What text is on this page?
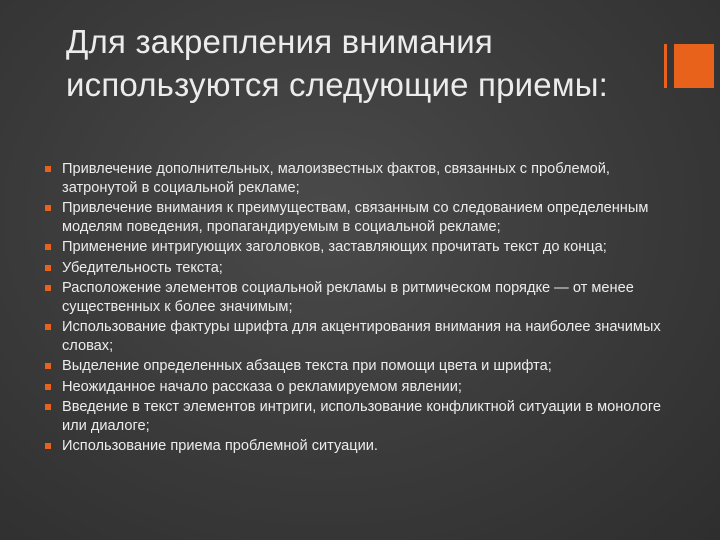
Для закрепления внимания используются следующие приемы:
Привлечение дополнительных, малоизвестных фактов, связанных с проблемой, затронутой в социальной рекламе;
Привлечение внимания к преимуществам, связанным со следованием определенным моделям поведения, пропагандируемым в социальной рекламе;
Применение интригующих заголовков, заставляющих прочитать текст до конца;
Убедительность текста;
Расположение элементов социальной рекламы в ритмическом порядке — от менее существенных к более значимым;
Использование фактуры шрифта для акцентирования внимания на наиболее значимых словах;
Выделение определенных абзацев текста при помощи цвета и шрифта;
Неожиданное начало рассказа о рекламируемом явлении;
Введение в текст элементов интриги, использование конфликтной ситуации в монологе или диалоге;
Использование приема проблемной ситуации.
